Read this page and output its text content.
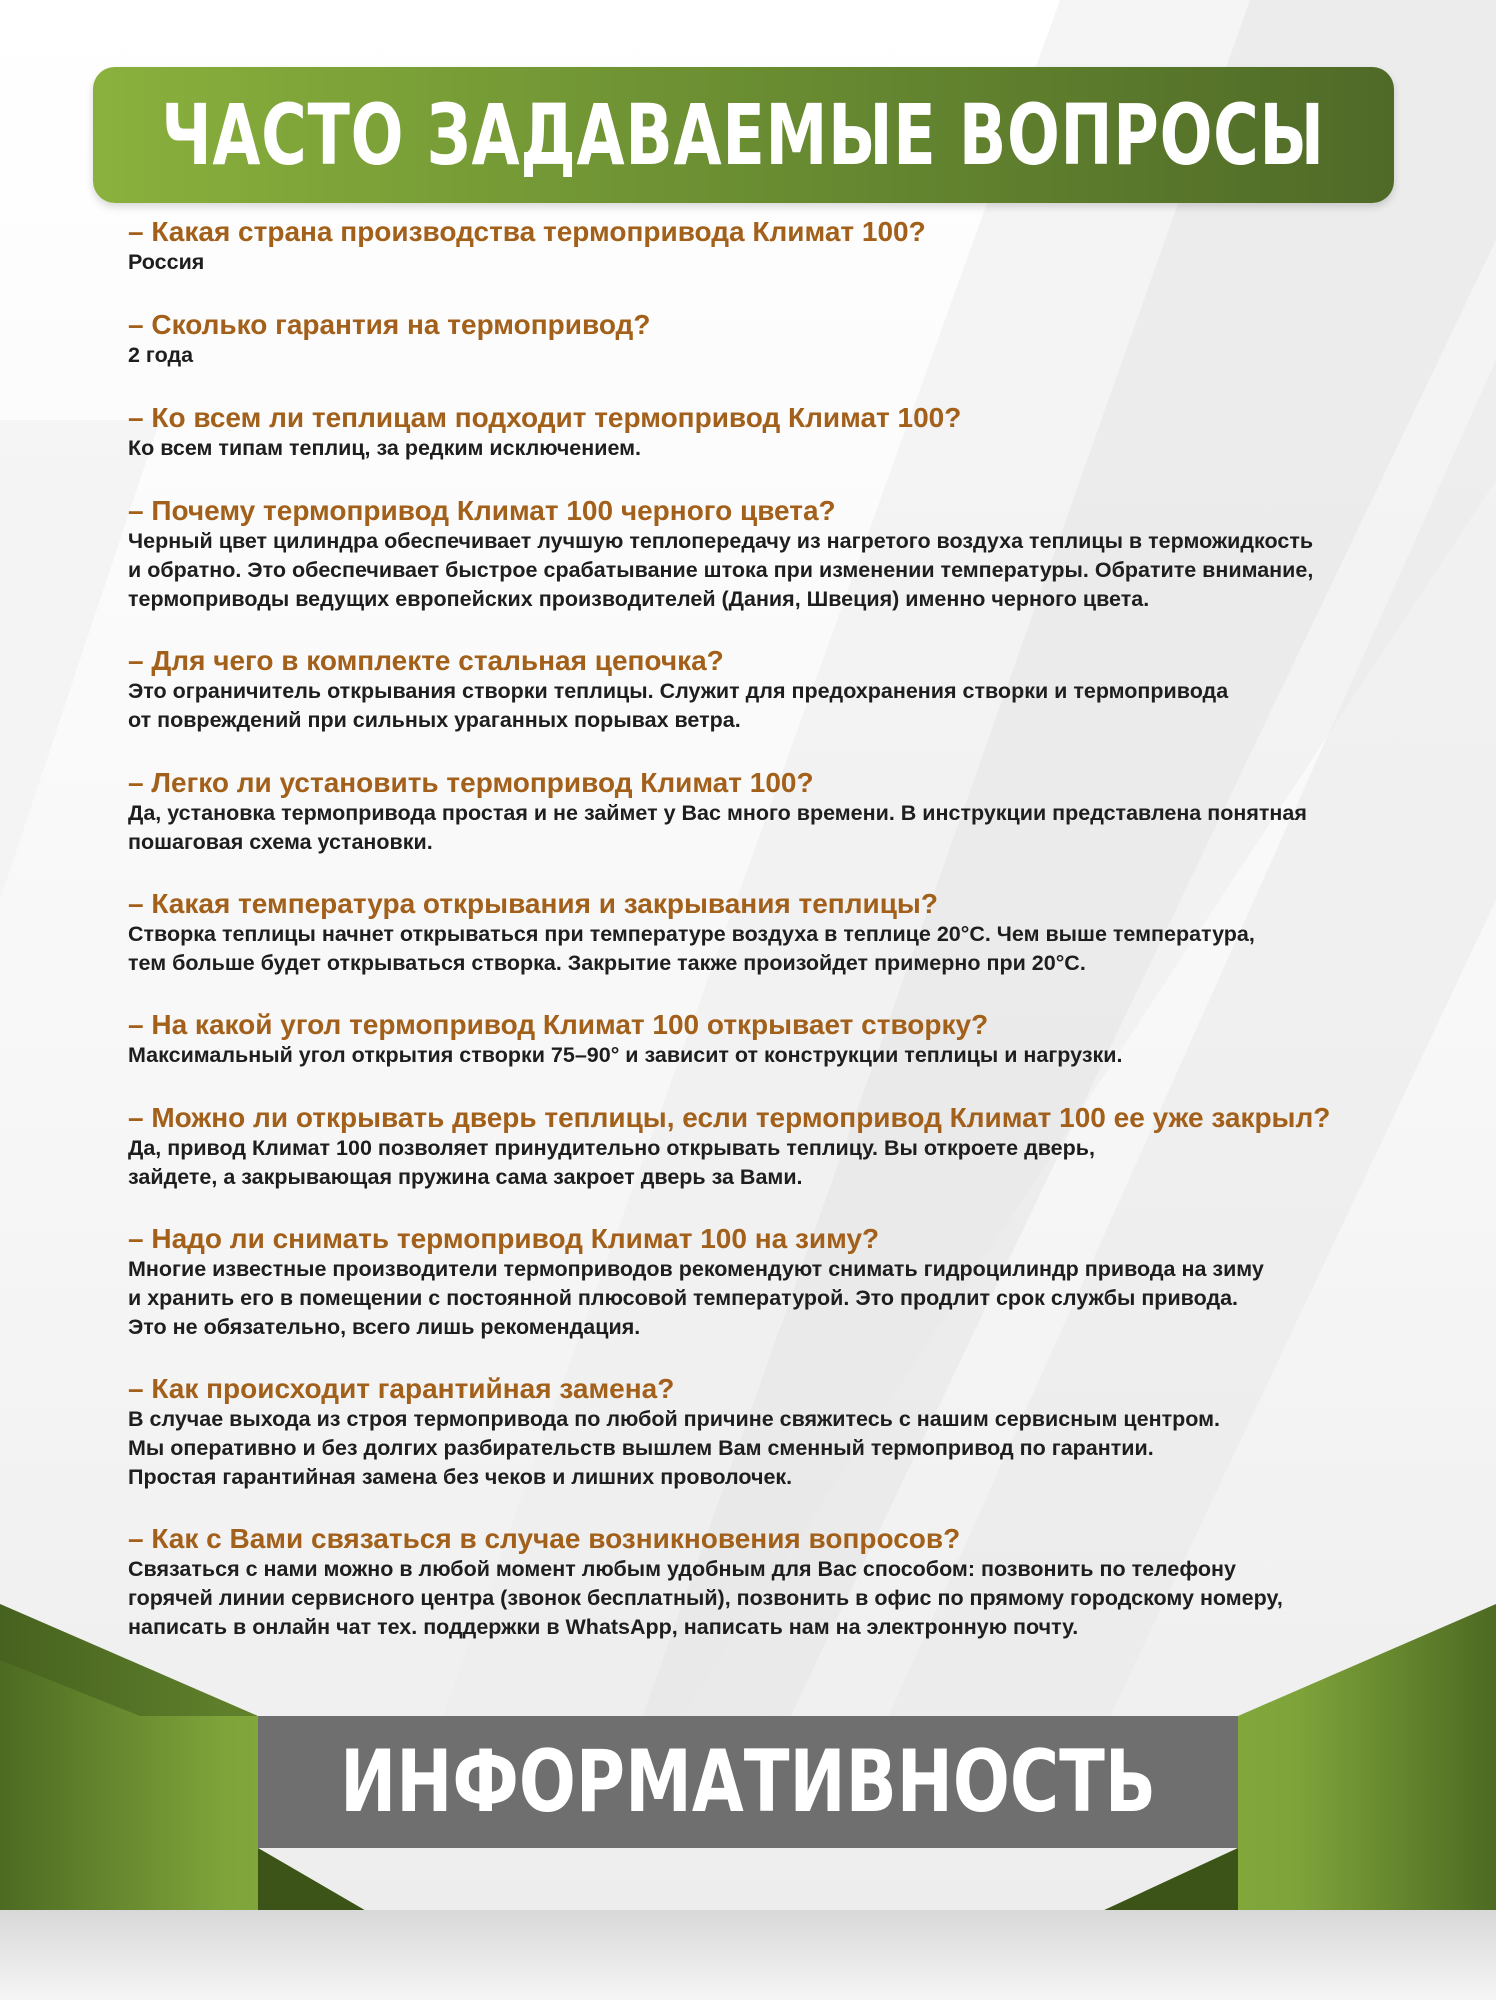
ЧАСТО ЗАДАВАЕМЫЕ ВОПРОСЫ
– Какая страна производства термопривода Климат 100?
Россия
– Сколько гарантия на термопривод?
2 года
– Ко всем ли теплицам подходит термопривод Климат 100?
Ко всем типам теплиц, за редким исключением.
– Почему термопривод Климат 100 черного цвета?
Черный цвет цилиндра обеспечивает лучшую теплопередачу из нагретого воздуха теплицы в терможидкость
и обратно. Это обеспечивает быстрое срабатывание штока при изменении температуры. Обратите внимание,
термоприводы ведущих европейских производителей (Дания, Швеция) именно черного цвета.
– Для чего в комплекте стальная цепочка?
Это ограничитель открывания створки теплицы. Служит для предохранения створки и термопривода
от повреждений при сильных ураганных порывах ветра.
– Легко ли установить термопривод Климат 100?
Да, установка термопривода простая и не займет у Вас много времени. В инструкции представлена понятная
пошаговая схема установки.
– Какая температура открывания и закрывания теплицы?
Створка теплицы начнет открываться при температуре воздуха в теплице 20°С. Чем выше температура,
тем больше будет открываться створка. Закрытие также произойдет примерно при 20°С.
– На какой угол термопривод Климат 100 открывает створку?
Максимальный угол открытия створки 75–90° и зависит от конструкции теплицы и нагрузки.
– Можно ли открывать дверь теплицы, если термопривод Климат 100 ее уже закрыл?
Да, привод Климат 100 позволяет принудительно открывать теплицу. Вы откроете дверь,
зайдете, а закрывающая пружина сама закроет дверь за Вами.
– Надо ли снимать термопривод Климат 100 на зиму?
Многие известные производители термоприводов рекомендуют снимать гидроцилиндр привода на зиму
и хранить его в помещении с постоянной плюсовой температурой. Это продлит срок службы привода.
Это не обязательно, всего лишь рекомендация.
– Как происходит гарантийная замена?
В случае выхода из строя термопривода по любой причине свяжитесь с нашим сервисным центром.
Мы оперативно и без долгих разбирательств вышлем Вам сменный термопривод по гарантии.
Простая гарантийная замена без чеков и лишних проволочек.
– Как с Вами связаться в случае возникновения вопросов?
Связаться с нами можно в любой момент любым удобным для Вас способом: позвонить по телефону
горячей линии сервисного центра (звонок бесплатный), позвонить в офис по прямому городскому номеру,
написать в онлайн чат тех. поддержки в WhatsApp, написать нам на электронную почту.
ИНФОРМАТИВНОСТЬ
